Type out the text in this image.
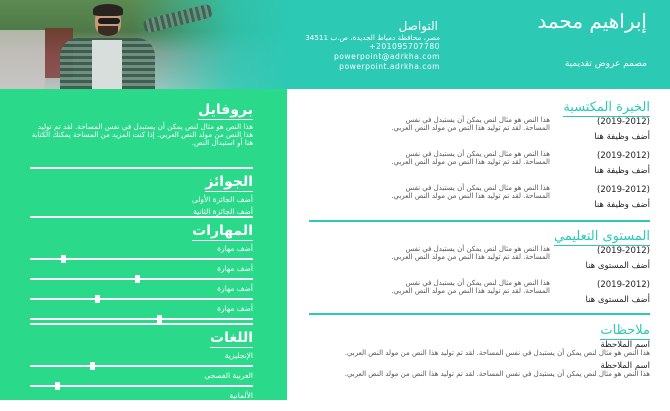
إبراهيم محمد
مصمم عروض تقديمية
التواصل
مصر، محافظة دمياط الجديدة، ص.ب 34511
+201095707780
powerpoint@adrkha.com
powerpoint.adrkha.com
بروفايل
هذا النص هو مثال لنص يمكن أن يستبدل في نفس المساحة. لقد تم توليد هذا النص من مولد النص العربي. إذا كنت المزيد من المساحة يمكنك الكتابة هنا أو استبدال النص.
الجوائز
أضف الجائزة الأولى
أضف الجائزة الثانية
المهارات
أضف مهارة
أضف مهارة
أضف مهارة
أضف مهارة
اللغات
الإنجليزية
العربية الفصحى
الألمانية
الخبرة المكتسبة
(2019-2012)
أضف وظيفة هنا
هذا النص هو مثال لنص يمكن أن يستبدل في نفس المساحة. لقد تم توليد هذا النص من مولد النص العربي.
(2019-2012)
أضف وظيفة هنا
هذا النص هو مثال لنص يمكن أن يستبدل في نفس المساحة. لقد تم توليد هذا النص من مولد النص العربي.
(2019-2012)
أضف وظيفة هنا
هذا النص هو مثال لنص يمكن أن يستبدل في نفس المساحة. لقد تم توليد هذا النص من مولد النص العربي.
المستوى التعليمي
(2019-2012)
أضف المستوى هنا
هذا النص هو مثال لنص يمكن أن يستبدل في نفس المساحة. لقد تم توليد هذا النص من مولد النص العربي.
(2019-2012)
أضف المستوى هنا
هذا النص هو مثال لنص يمكن أن يستبدل في نفس المساحة. لقد تم توليد هذا النص من مولد النص العربي.
ملاحظات
اسم الملاحظة
هذا النص هو مثال لنص يمكن أن يستبدل في نفس المساحة. لقد تم توليد هذا النص من مولد النص العربي.
اسم الملاحظة
هذا النص هو مثال لنص يمكن أن يستبدل في نفس المساحة. لقد تم توليد هذا النص من مولد النص العربي.
